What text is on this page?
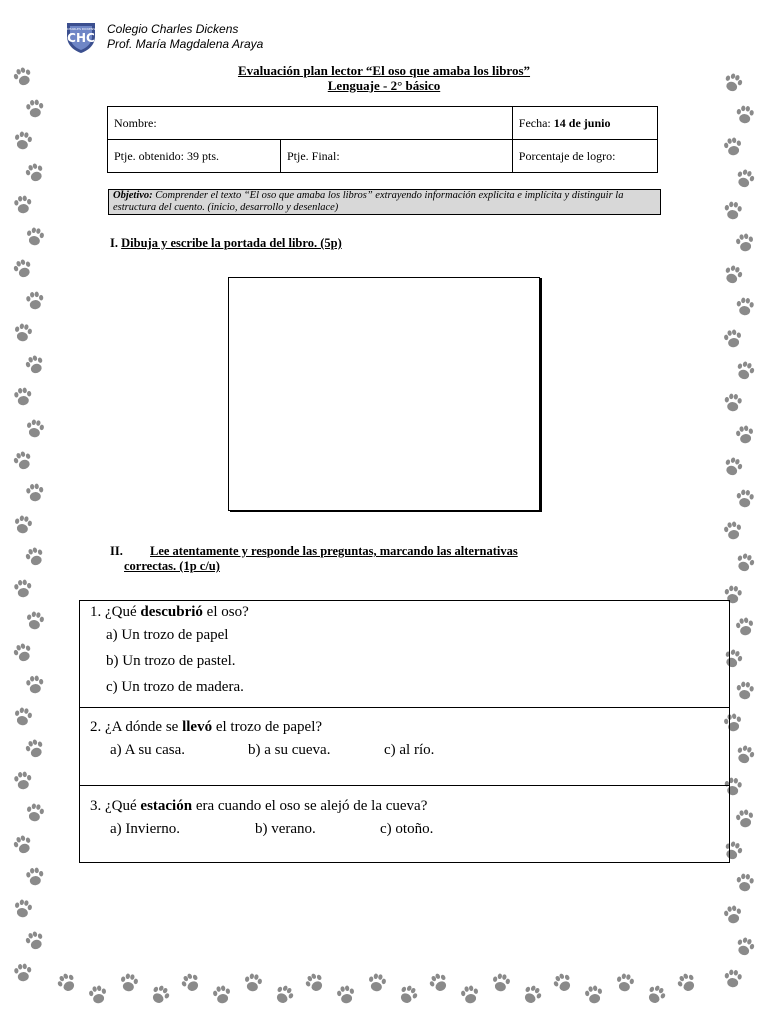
CHC
CHARLES DICKENS Colegio Charles Dickens
Prof. María Magdalena Araya
Evaluación plan lector “El oso que amaba los libros”
Lenguaje - 2° básico
Nombre:		Fecha: 14 de junio
Ptje. obtenido: 39 pts.	Ptje. Final:	Porcentaje de logro:
Objetivo: Comprender el texto “El oso que amaba los libros” extrayendo información explicita e implícita y distinguir la estructura del cuento. (inicio, desarrollo y desenlace)
I. Dibuja y escribe la portada del libro. (5p)
II. Lee atentamente y responde las preguntas, marcando las alternativas
correctas. (1p c/u)
1. ¿Qué descubrió el oso?
a) Un trozo de papel
b) Un trozo de pastel.
c) Un trozo de madera.
2. ¿A dónde se llevó el trozo de papel?
a) A su casa.	b) a su cueva.	c) al río.
3. ¿Qué estación era cuando el oso se alejó de la cueva?
a) Invierno.	b) verano.	c) otoño.
